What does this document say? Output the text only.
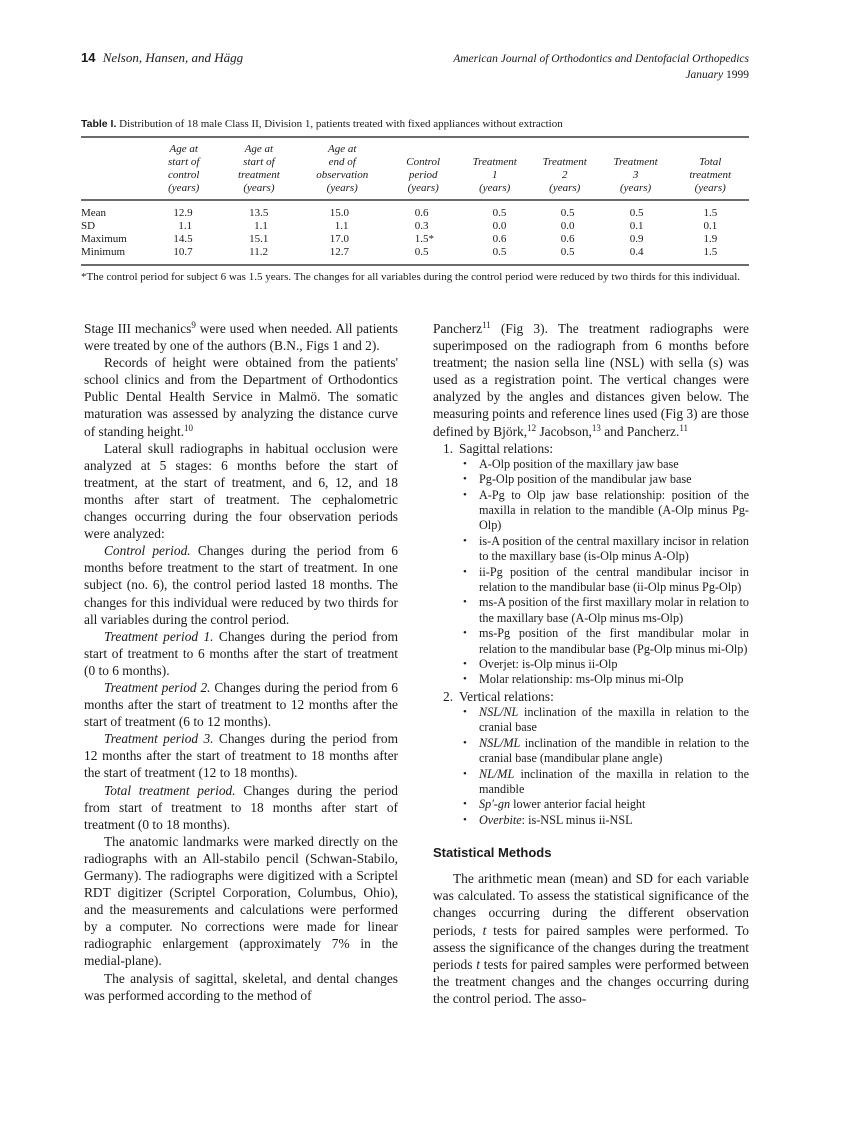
14 Nelson, Hansen, and Hägg	American Journal of Orthodontics and Dentofacial Orthopedics
January 1999
Table I. Distribution of 18 male Class II, Division 1, patients treated with fixed appliances without extraction
	Age at
start of
control
(years)	Age at
start of
treatment
(years)	Age at
end of
observation
(years)	Control
period
(years)	Treatment
1
(years)	Treatment
2
(years)	Treatment
3
(years)	Total
treatment
(years)

Mean	12.9	13.5	15.0	0.6	0.5	0.5	0.5	1.5
SD	1.1	1.1	1.1	0.3	0.0	0.0	0.1	0.1
Maximum	14.5	15.1	17.0	1.5*	0.6	0.6	0.9	1.9
Minimum	10.7	11.2	12.7	0.5	0.5	0.5	0.4	1.5
*The control period for subject 6 was 1.5 years. The changes for all variables during the control period were reduced by two thirds for this individual.

Stage III mechanics$^9$ were used when needed. All patients were treated by one of the authors (B.N., Figs 1 and 2).

Records of height were obtained from the patients' school clinics and from the Department of Orthodontics Public Dental Health Service in Malmö. The somatic maturation was assessed by analyzing the distance curve of standing height.$^{10}$

Lateral skull radiographs in habitual occlusion were analyzed at 5 stages: 6 months before the start of treatment, at the start of treatment, and 6, 12, and 18 months after start of treatment. The cephalometric changes occurring during the four observation periods were analyzed:

Control period. Changes during the period from 6 months before treatment to the start of treatment. In one subject (no. 6), the control period lasted 18 months. The changes for this individual were reduced by two thirds for all variables during the control period.

Treatment period 1. Changes during the period from start of treatment to 6 months after the start of treatment (0 to 6 months).

Treatment period 2. Changes during the period from 6 months after the start of treatment to 12 months after the start of treatment (6 to 12 months).

Treatment period 3. Changes during the period from 12 months after the start of treatment to 18 months after the start of treatment (12 to 18 months).

Total treatment period. Changes during the period from start of treatment to 18 months after start of treatment (0 to 18 months).

The anatomic landmarks were marked directly on the radiographs with an All-stabilo pencil (Schwan-Stabilo, Germany). The radiographs were digitized with a Scriptel RDT digitizer (Scriptel Corporation, Columbus, Ohio), and the measurements and calculations were performed by a computer. No corrections were made for linear radiographic enlargement (approximately 7% in the medial-plane).

The analysis of sagittal, skeletal, and dental changes was performed according to the method of

Pancherz$^{11}$ (Fig 3). The treatment radiographs were superimposed on the radiograph from 6 months before treatment; the nasion sella line (NSL) with sella (s) was used as a registration point. The vertical changes were analyzed by the angles and distances given below. The measuring points and reference lines used (Fig 3) are those defined by Björk,$^{12}$ Jacobson,$^{13}$ and Pancherz.$^{11}$

1. Sagittal relations:
• A-Olp position of the maxillary jaw base
• Pg-Olp position of the mandibular jaw base
• A-Pg to Olp jaw base relationship: position of the maxilla in relation to the mandible (A-Olp minus Pg-Olp)
• is-A position of the central maxillary incisor in relation to the maxillary base (is-Olp minus A-Olp)
• ii-Pg position of the central mandibular incisor in relation to the mandibular base (ii-Olp minus Pg-Olp)
• ms-A position of the first maxillary molar in relation to the maxillary base (A-Olp minus ms-Olp)
• ms-Pg position of the first mandibular molar in relation to the mandibular base (Pg-Olp minus mi-Olp)
• Overjet: is-Olp minus ii-Olp
• Molar relationship: ms-Olp minus mi-Olp
2. Vertical relations:
• NSL/NL inclination of the maxilla in relation to the cranial base
• NSL/ML inclination of the mandible in relation to the cranial base (mandibular plane angle)
• NL/ML inclination of the maxilla in relation to the mandible
• Sp'-gn lower anterior facial height
• Overbite: is-NSL minus ii-NSL
Statistical Methods

The arithmetic mean (mean) and SD for each variable was calculated. To assess the statistical significance of the changes occurring during the different observation periods, t tests for paired samples were performed. To assess the significance of the changes during the treatment periods t tests for paired samples were performed between the treatment changes and the changes occurring during the control period. The asso-
